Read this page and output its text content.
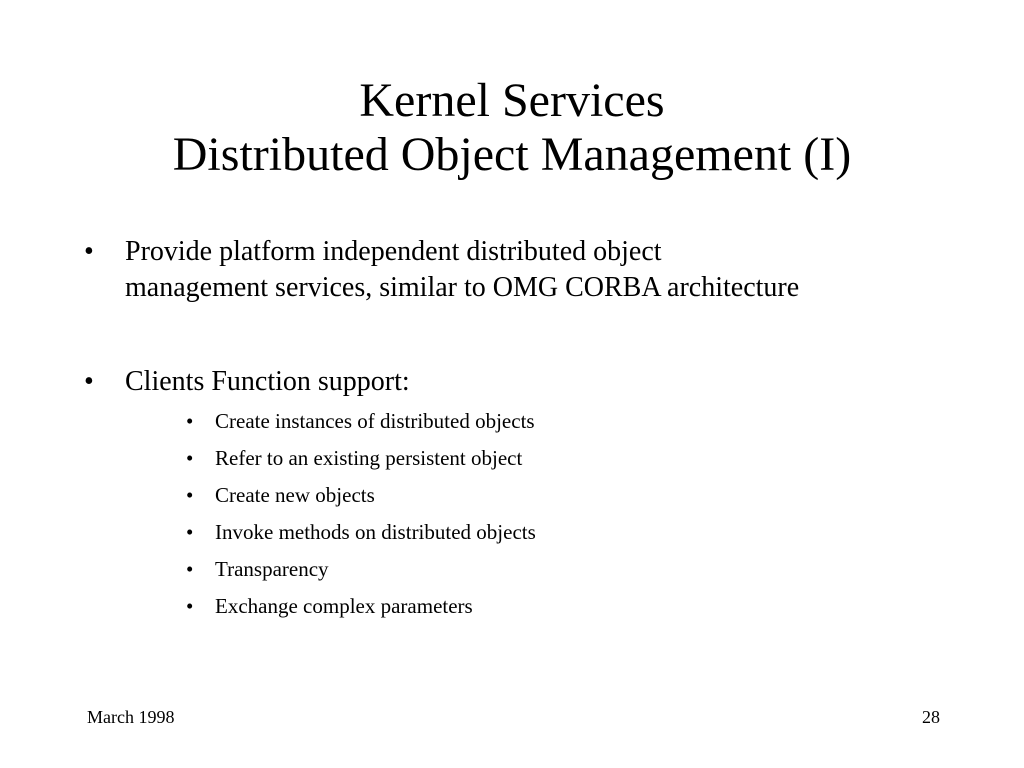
Kernel Services
Distributed Object Management (I)
• Provide platform independent distributed object management services, similar to OMG CORBA architecture
• Clients Function support:
• Create instances of distributed objects
• Refer to an existing persistent object
• Create new objects
• Invoke methods on distributed objects
• Transparency
• Exchange complex parameters
March 1998	28
